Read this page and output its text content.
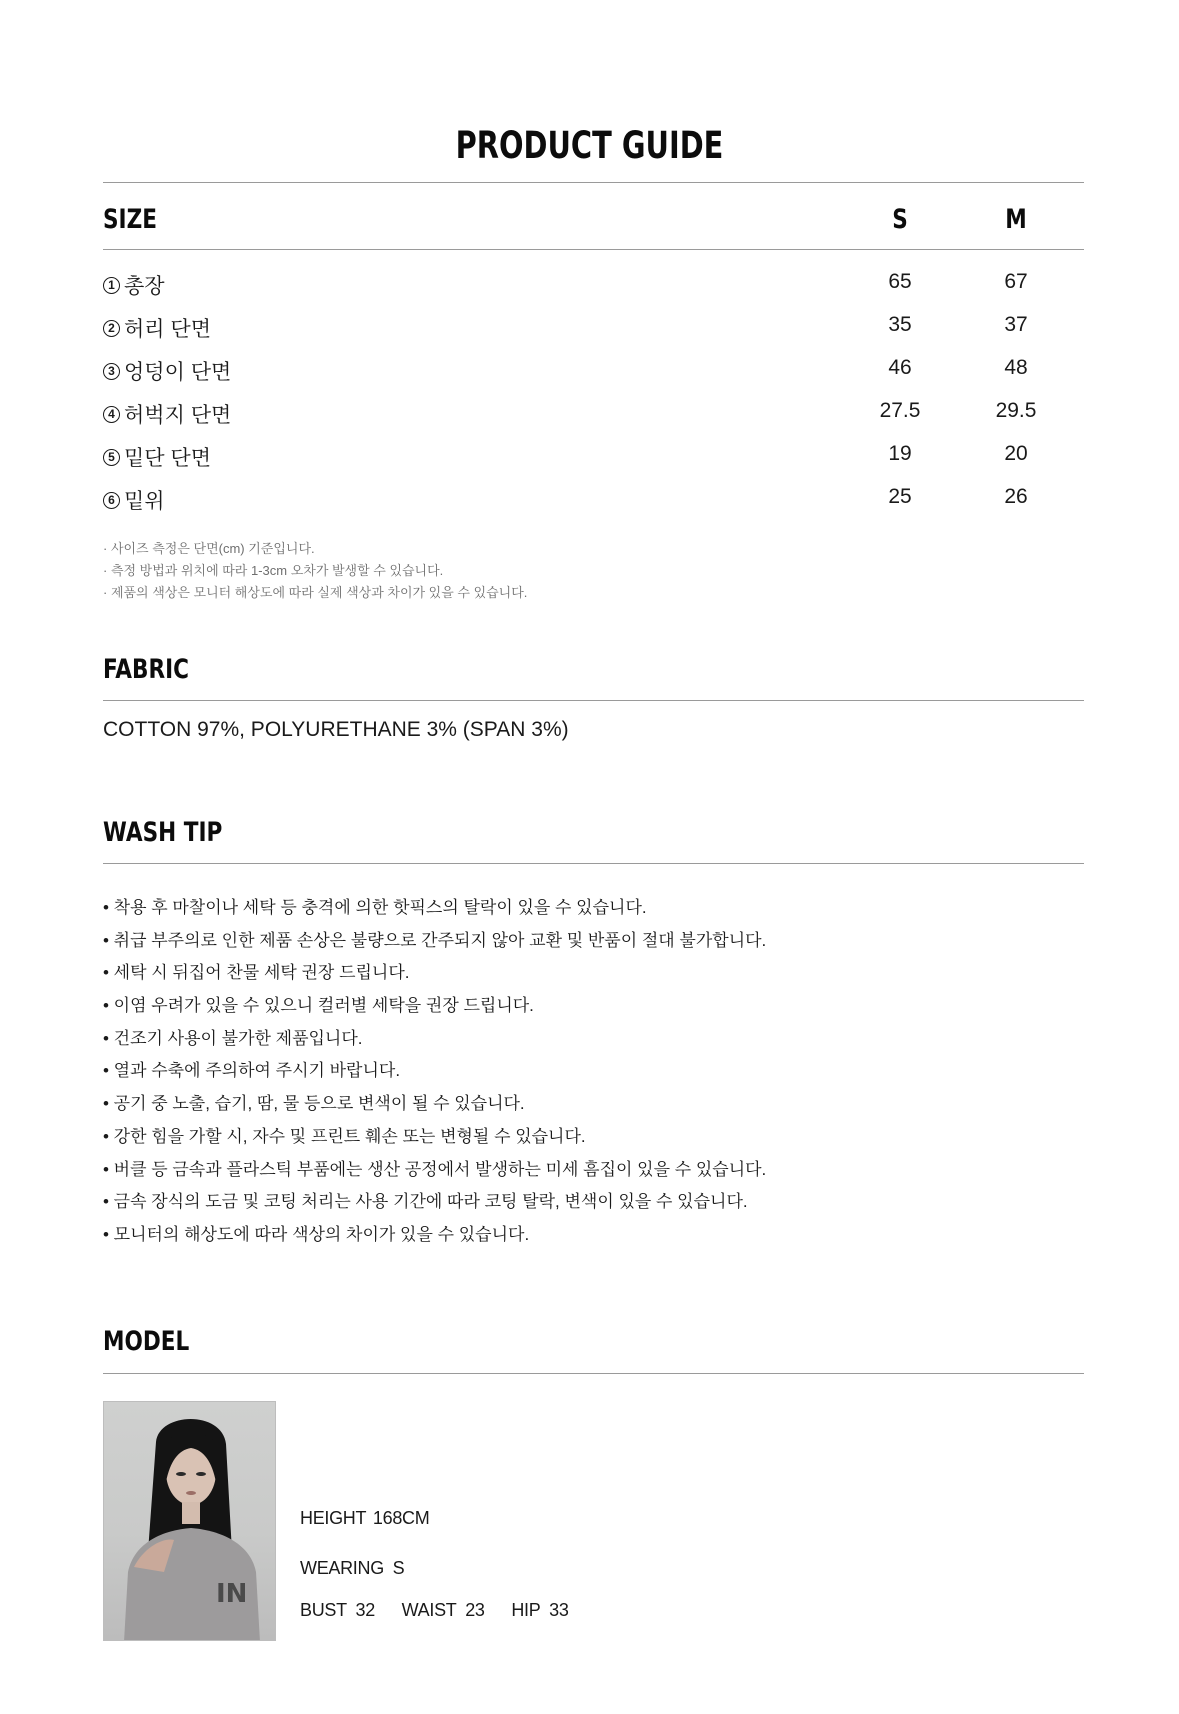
PRODUCT GUIDE
SIZE	S	M
1 총장	65	67
2 허리 단면	35	37
3 엉덩이 단면	46	48
4 허벅지 단면	27.5	29.5
5 밑단 단면	19	20
6 밑위	25	26
· 사이즈 측정은 단면(cm) 기준입니다.
· 측정 방법과 위치에 따라 1-3cm 오차가 발생할 수 있습니다.
· 제품의 색상은 모니터 해상도에 따라 실제 색상과 차이가 있을 수 있습니다.
FABRIC
COTTON 97%, POLYURETHANE 3% (SPAN 3%)
WASH TIP
• 착용 후 마찰이나 세탁 등 충격에 의한 핫픽스의 탈락이 있을 수 있습니다.
• 취급 부주의로 인한 제품 손상은 불량으로 간주되지 않아 교환 및 반품이 절대 불가합니다.
• 세탁 시 뒤집어 찬물 세탁 권장 드립니다.
• 이염 우려가 있을 수 있으니 컬러별 세탁을 권장 드립니다.
• 건조기 사용이 불가한 제품입니다.
• 열과 수축에 주의하여 주시기 바랍니다.
• 공기 중 노출, 습기, 땀, 물 등으로 변색이 될 수 있습니다.
• 강한 힘을 가할 시, 자수 및 프린트 훼손 또는 변형될 수 있습니다.
• 버클 등 금속과 플라스틱 부품에는 생산 공정에서 발생하는 미세 흠집이 있을 수 있습니다.
• 금속 장식의 도금 및 코팅 처리는 사용 기간에 따라 코팅 탈락, 변색이 있을 수 있습니다.
• 모니터의 해상도에 따라 색상의 차이가 있을 수 있습니다.
MODEL
IN
HEIGHT 168CM
WEARING S
BUST 32 WAIST 23 HIP 33
